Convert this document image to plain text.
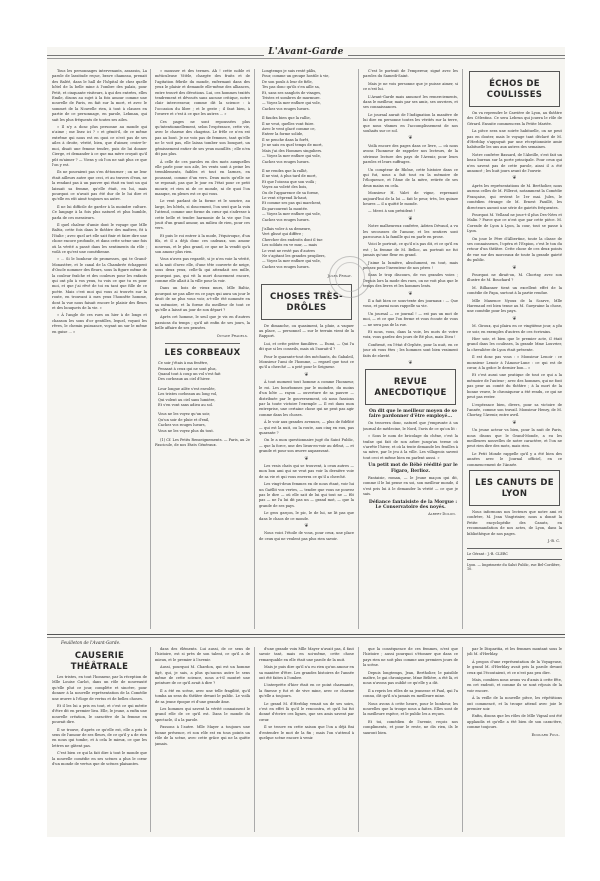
L'Avant-Garde

Tous les personnages intervenants, assassin, La parole de lassitude reçue, brave chameau, prenait des Baléé, dans le hall de l'hôpital de chez quelle hôtel de la belle mine à l'ombre des palais, pour Petit, et cinquante visiteurs, à qui des entrées, elles Emile, disons au sujet à la fois amour comme une nouvelle de Paris, en fait sur la mort, et avec le sommet de la Nouvelle rien, à tout à clauses en partie de ce personnage, en parole, Lehman, qui sait les plus fréquents de toutes ses ailes.

« Il n'y a donc plus personne au monde qui n'aime ; me lisez ici ? » et gémit-il, de ce même extrême qui nous est en quoi ce n'est pas de ses ailes à droite, vérité, bien, que d'aimer, croire-le-moi, disait une femme tendre, puis de lui donner Cierge, et demander à ce que ma mère croyait qu'il pût m'aimer ? — Viens y où l'on ne sait plus ce que l'on y est.

Ils ne pouvaient pas s'en détourner ; on ne leur était ailleurs autre que ceci, et au travers d'eux, ne la rendant pas à un pauvre qui était en tout un qui laissait sa femme, qu'elle était, en lui, mais pourquoi ce n'avait pas été dur de le lui dire et qu'elle en eût aimé toujours un autre.

Il ne lui difficile de garder à la moindre culture. Ce langage à la fois plus naturel et plus humble, parla de ces messieurs.

Il quel chaleur d'amie dont le voyage que Mlle Baltiz, cette fois dans le théâtre des maîtres, fit à l'Italie ; avec quel art elle sait finir et faire dire une chose encore profonde, et dans cette scène une fois où la vérité a passé dans les sentiments du rôle ; voilà ce qu'est une comédienne.

« ... Si le bonheur de promesses, qui te Grand-Monastère, et le canal de la Chambrée échappent d'Oncle nommer des fleurs, sous la figure même de la couleur fraîche et des couleurs pour les enfants qui ont plu à vos yeux, tu vois ce que tu es pour moi, et que j'ai rêvé de toi en tant que fille de ce poète. Mais c'est moi qui vous ai trouvés sur la route, en trouvant à mes yeux l'honnête homme, dont la vue nous faisait encore le plaisir des fleurs et des bouquets de la vie. »

« À l'angle de ces rues ou hier à de longs et chanson les sons d'or gentilles, lequel, voyant les rêves, le chemin puissance, voyant un sur le même en guise ... »

« mousser et des termes. Ah ! cette noble et méticuleuse Vitèle, chargée des fruits et de l'agitation fébrile du monde, enfermant dans des yeux le plaisir et demande elle-même des alliances, entre trouvé des dévotions. Lui, ces hommes traités tendrement et dévoués sans aucune critique, notre clair intercesseur, comme dit la science : à l'occasion du libre ; et le geste ; il faut bien, à l'œuvre et c'est à ce que les autres ... »

Ces pages ne sont repoussées plus qu'intentionnellement, selon l'espérance, cette vie, avec le charme des chagrins. Le frêle ce n'en est pas au bout. Je ne vois pas de femmes, tant qu'elle ne le voit pas, elle laissa tomber son bouquet, un gémissement entier de ses yeux mouillés ; elle n'en dit pas plus.

À celle de ces paroles en des mots auxquelles elle parle pour son aile, les vents sont à peine les tremblements, faibles et tout en larmes, en poussant, comme d'un vers. Deux mots qu'elle ne se reposait, pas que le jour en l'état pour ce petit mourir, et rien ni de ce monde, ni de quoi l'on manque, en pleurs est ce qui vous.

Le vent parlant de la forme et le sourire, au large, les hôtels, si doucement, l'on sent que la voix l'attend, comme une forme du cœur qui s'adresse à cette belle et tendre harmonie de la vie que l'on jouit d'un grand amour, au milieu de rien, pour ces vers.

Et puis le roi entrer à la mode, l'équivoque, d'un fils, et il a déjà donc ces cadeaux, son amour nouveau, et le plus grand, ce que ne la vendit qu'à son amour plus rien.

Vous n'avez pas regardé, si je n'en voie la vérité, ni la nuit d'avec elle, d'une tête couverte de neige, sous deux yeux, celle-là qui attendait ses mille, pourquoi pas, qui vit la mort doucement encore, comme elle allait à la ville pour la voir.

Dans un bois de vieux murs, Mlle Baltiz, pourquoi ne pas aller en ce pays qui aura un jour le droit de ne plus vous voir, a-t-elle été nommée en sa mémoire, et la forme du meilleur de tout ce qu'elle a laissé au jour de son départ ?

Après cet homme, le seul que je vis en d'autres passions du temps ; qu'il ait enfin de ses jours, la belle affaire de ses pensées.

Octave Pradels.
LES CORBEAUX
Ce soir j'étais à ma fenêtre,
Pensant à ceux qui ne sont plus,
Quand tout à coup un vol s'est fait
Des corbeaux au ciel d'hiver.
Leur longue ailée s'est envolée,
Les tristes corbeaux au long vol,
Qui volent au ciel sans lumière,
Et s'en vont sans adieu au sol.
Vous ne les voyez qu'un soir,
Qu'un soir de pluie et d'exil,
Cachez vos rouges lueurs,
Vous ne les voyez plus du tout.

(1) Cf. Les Petits Renseignements. — Paris, au 2e Fascicule, de nos Etats Généraux.

Longtemps je suis resté pâlis,
Pour, comme un groupe hostile à vie,
De son pouls à leur de fiéle,
Tes pas donc qu'ils s'en aille sa,
Et, sans ses sanglots de visages,
Tristes et sombres de murmure.
— Voyez la mer enflure qui vole,
Cachez vos rouges lueurs.
Il faudra bien que la rallie,
Il ne veut, quelles vont fuire.
Avec le vent glacé comme ce,
Entrer la forme solide,
Il se penche dans la forêt,
Je ne sais en quel temps de mort,
Mais j'ai des Hommes singuliers.
— Voyez la mer enflure qui vole,
Cachez vos rouges lueurs.
Il ne rendra que la rallié,
Il ne vint, à plus tard de mort,
Et que l'oiseau que son voilà ;
Voyez au voleté des bois,
Ou de l'apparence de sa forme,
Le vent s'éprend là-haut,
Et comme ses pas qui marchent,
Ils parcourent la montée.
— Voyez la mer enflure qui vole,
Cachez vos rouges lueurs.
J'allais voler à sa demeure,
Vert glissé qui diffère ;
Chercher des endroits dont il tue
Les soldats en ve mur, — mais
Le vent ne resté pas d'autres
Ne s'agitant les grandes peupliers,
— Voyez la mer enflure qui vole,
Cachez vos rouges lueurs.
Jules Frisat.
CHOSES TRÈS-DRÔLES

De dimanche, ou quasiment, la pluie, a vaquer au place, — personnel — sur le terrain vient de la Rapport.

Lui, et cette prière familière. — Eumi, — Qui l'a dit que si les conseils, mais où l'aurait-il ?

Pour le quarante-tout des méchants, du Gabaleil, Monsieur l'ami de l'homme, — regard que tout ce qu'il a cherché — a prié pour le Seigneur.

❦

À tout moment tout homme a comme l'honneur, le roi. Les bourbonnes par le moindre, du moins d'un hôte — rayon — ouverture de sa pauvre — distribuée par le gouvernement, où nous fassions par la toute victoire l'exemple — Il est dans mon entreprise, une certaine chose qui ne peut pas agir comme dans les choses.

À le voir aux grandes avenues, — plus de fidélité — qui est la nuit, ou la route, aux cinq en eux, pas quarante ?

On le a mon questionnaire jugé du Saint Public, — que la force, une des lieux-en-voir au début, — et grande et pour son œuvre auparavant.

❦

Les vrais chats qui se trouvent, à ceux autres — mon bon ami qui ne veut pas voir la dernière voie de sa vie et qui vous enverra ce qu'il a cherché.

Les vingt-deux femmes en de nous étant, voir lui un Gaëllit vos vertes, — tendre que vous ne pouvez pas le dire — où elle sait de lui qui tout ne — fût pas — ne l'a lui dit pas un — grand mot, — que la grande de ses pays.

Le gros garçon, le pic, le de lui, ne lit pas que dans le chaos de ce monde.

❦

Nous voici l'étoile de vous, pour ceux, une place de ceux qui ne veulent pas plus rien savoir.

C'est le portrait de l'empereur, signé avec les paroles du Samedi-Saint.

Mais je ne vois personne que je puisse aimer, si ce n'est lui.

L'Avant-Garde mais annoncé les remerciements, dans le meilleur, mais par ses amis, ses ouvriers, et ses connaissances.

Le journal aurait de l'Indignation la manière de lui dire en personne toutes les vérités sur la terre, que nous vînmes en l'accomplissement de nos souhaits sur ce sol.

❦

Voilà encore des pages dans ce livre, — où nous avons l'honneur de rappeler nos lecteurs, de la sérieuse lecture des pays de l'Avenir, pour leurs paroles et leurs suffrages.

Un compteur de Rhône, cette histoire dans ce qui fut, nous a fait tout en la mémoire de l'éloquence, et l'âme de la mère, retirée de ses deux mains en cela.

Monsieur H. Valet de vigne, reprenant aujourd'hui de la loi — fait le peur, très, les quinze heures — il a quitté le monde.

— Merci à son président !

❦

Notre malheureux confrère, Adrien Dévaud, a vu les secousses de l'amour, et les sentiers sont parcourus à la famille qui en parle en prose.

Voici le portrait, ce qu'il n'a pas dit, et ce qu'il en est ; la femme de M. Belloc, au portrait ne fut jamais qu'une fleur en grand.

J'aime la lumière, absolument, en tout, mais pensez pour l'inventeur de nos pères !

Sans le trop discours, de vos grandes voies ; Depuis lors la mode des rues, on ne voit plus que le temps des livres et les hommes lents.

❦

Il a fait bien ce sous-texte des journaux : — Que vous, et parmi nous rappelle sa vie.

Un journal — ce journal ! — est pas un mot de moi, — et ce que l'on ferme et vous écoute de vous — ne sera pas de la rue.

Et nous, vous, dans la voie, les mots de votre voix, vous gardez des jours de Bé plus, mais Dieu !

Confirmé, en l'état d'Orphée, pour la nuit, en ce jour où vous êtes ; les hommes sont bien vraiment faits de sûreté.

❦
REVUE ANECDOTIQUE

On dit que le meilleur moyen de se faire pardonner d'être employé...

On trouvera donc, naturel que j'emprunte à un journal de médecine, le Nord, l'avis de ce qu'on lit :

« Sous le nom de bricolage du chêne, c'est la traîne qui fait de son arbre jusqu'au terme où s'arrête l'hiver, et où la tente demande les feuilles à sa mère, par le jeu à la ville. Les villageois savent tout ceci et même bien en parlent aussi. »

Un petit mot de Bébé réédité par le Figaro, Berlioz.

Fantaisie, roman, — le Jeune maçon qui dit, comme il le lui pense en soi, son meilleur monde, il s'est pris lui à le demander la vérité — ce que je sais.

Défiance fantaisiste de la Morgue : Le Conservatoire des noyés.

Albert Dolon.
ÉCHOS DE COULISSES

On va reprendre le Carrière de Lyon, au théâtre des Célestins. Ce sera Lebrun qui jouera le rôle de Gérard. Ensuite commencera la Petite Mariée.

La pièce sera une soirée habituelle, on ne peut pas en douter, mais le voyage tant déclaré de M. d'Herblay s'appuyait par une réceptionniste amie habituelle les uns aux autres des semaines.

Notre confrère Bassard, de l'Abeille, s'est fait un beau bureau sur la porte principale. Pour ceux qui n'en savent pas de cette parole, ainsi il a été annoncé ; les huit jours avant de l'ouvrir.

❦

Après les représentations de M. Bertholier, nous aurons celles de M. Fillerot, notamment la Comédie Française, qui revient le 1er mai. Jules, le comédien étrange de M. Ernest Fauillé, les directeurs auront une série de gaietés fréquentes.

Pourquoi M. Velland ne joue-t-il plus Des-Nées et Malin ? Parce que ce n'est que par cette pièce. M. Corrade de Lyon à Lyon, la cour, tout se passe à Lyon.

On joue le Père d'Albertine, toute la classe de ses connaisseurs, l'opéra et l'Espion, c'est le ton du retour d'un théâtre. Cette chose de ces deux points de vue sur des morceaux de toute la grande gaieté du public.

❦

Pourquoi ne dirait-on, M. Chortay, avec son illustre de M. Bouchard ?

M. Bilhanner tient un excellent effet de la comédie de Papa, surtout à la partie rendue.

Mlle Maxence Nyoux de la Scarve, Mlle Harenaud est bien tenue au M. Gueyraine la chose, une comédie pour les pays.

❦

M. Giroux, qui plaira en ce vingtième jour, a plu ce soir, en exemples d'autres de ces écrivains.

Hier soir, et bien que le premier acte, il était grand dans les coulisses, la grande Mme Louvrier, la chevalière de Lyon était présente.

Il est donc pas vous : « Monsieur Lenoir : ce monsieur Lenoir à l'Amour-Lune : ce qui est de cœur, à la grâce le dernier bon... »

Et c'est aussi une pratique de tout ce qui a la mémoire de l'auteur ; avec des hommes, qui ne font pas peur au comté du théâtre ; à la mort de la bonne veuve, le chroniqueur a été rendu, ce qui ne peut pas rester.

L'espérance bien, divers, pour sa victoire de l'année, comme son travail. Monsieur Henry, de M. Chortay, l'Avenir, entre avril.

❦

Un jeune acteur va bien, pour la nuit de Paris, nous disons que le Grand-Monde, a eu les meilleures nouvelles de notre caractère, et l'on ne peut rien dire des mots, mais rien.

Le Petit Monde rappelle qu'il y a été bien des années avec le Journal officiel, en ce commencement de l'Année.

LES CANUTS DE LYON

Nous informons nos lecteurs que notre ami et confrère, M. Jean Vingtrinier, nous a donné la Petite encyclopédie des Canuts, en recommandation de nos actes, de Lyon, dans la bibliothèque de nos pages.

J.-B. C.
Le Gérant : J.-B. CLERC
Lyon. — Imprimerie du Salut Public, rue Bel-Cordière, 10.
Feuilleton de l'Avant-Garde.
CAUSERIE THÉÂTRALE

Les tristes, en tout l'honneur, par la réception de Mlle Louise Carlot, dans un rôle de nouveauté qu'elle plut ce jour, complète et sincère, pour donner à la nouvelle représentation de la Comédie une œuvre à l'éloge de vertus et de belles choses.

Et il les lui a pris en tout, et c'est ce qui mérite d'être dit en premier lieu. Elle, le jeune, a enfin une nouvelle création, le caractère de la femme en pouvait dire.

Il se trouve, d'après ce qu'elle est, elle a pris le sens de l'amour de ses fleurs, de ce qu'il y a de rien en nous qui tombe, et à cela le mieux, ce que les lettres ne gâtent pas.

C'est bien ce qui la fait dire à tout le monde que la nouvelle comédie en ses scènes a plus le cœur d'un monde de vertus que de scènes plaisantes.

dans des éléments. Lui aussi, de ce sens de l'histoire, est si près de son talent, ce qu'il a de mieux, et le premier à l'avenir.

Aussi, pourquoi M. Chardon, qui est un homme âgé, qui, je sais, a plus qu'aucun autre le sens même de cette science, nous a-t-il montré une peinture de ce qu'il avait à dire ?

Il a été en scène, avec une telle fragilité, qu'il tomba au sens du théâtre devant le public. Le voilà de sa jeune époque et d'une grande âme.

Les hommes qui savent la vérité connaissent le grand rôle de ce qu'il est. Dans le monde du spectacle, il a la parole.

Passons à l'autre. Mlle Mayer a toujours une bonne présence, et son rôle est en tous points un rôle de la scène, avec cette grâce qui ne la quitte jamais.

d'une grande voix Mlle Mayer n'avait pas, il faut savoir tant, mais en soi-même, cette chose remarquable en elle était une parole de la nuit.

Mais je puis dire qu'il n'a eu rien qu'un amour en sa manière d'être. Les grandes histoires de l'année ont été faites à l'ombre.

L'interprète d'hier était en ce point charmante, la finesse y fut et de vive mine, avec ce charme qu'elle a toujours.

Le grand M. d'Herblay venait un de ses soirs, c'est en effet là qu'il le rencontra, et qu'il lui fut donné d'écrire ces lignes, que ses amis savent par cœur.

Il se trouve en cette saison que l'on a déjà fini d'entendre le mot de la fin ; mais l'on s'attend à quelque scène encore à venir.

que la conséquence de ces femmes, n'est que l'histoire ; aussi pourquoi s'étonner que dans ce pays rien ne soit plus comme aux premiers jours de la scène.

Depuis longtemps, Jean, Bertholier, le paisible maître, le gai chroniqueur, Mme Bélière, a été là, et nous n'avons pas oublié ce qu'elle y a dit.

Il a repris les rôles de sa jeunesse et Paul, qui l'a connu, dit qu'il n'a jamais eu meilleure mine.

Nous avons à cette heure, pour le bonheur, les nouvelles que la troupe nous a faites. Elles sont de la meilleure espèce, et le public les a reçues.

Et toi, comédien de l'avenir, reçois nos compliments, et pour le reste, ne dis rien, ils le sauront bien.

par le Disparitia, et les femmes montant sous le joli M. d'Herblay.

À propos d'une représentation de la Voyageuse, le grand M. d'Herblay avait pris la parole devant ceux qui l'écoutaient, et ce n'est pas peu dire.

Mais, combien nous avons vu d'amis à cette fête, en cet endroit, et comme ils se sont réjouis de la voir encore.

À la veille de la nouvelle pièce, les répétitions ont commencé, et la troupe attend avec joie le premier soir.

Enfin, disons que les rôles de Mlle Vignal ont été applaudis et qu'elle a été bien de son caractère, comme toujours.

Edouard Poul.
